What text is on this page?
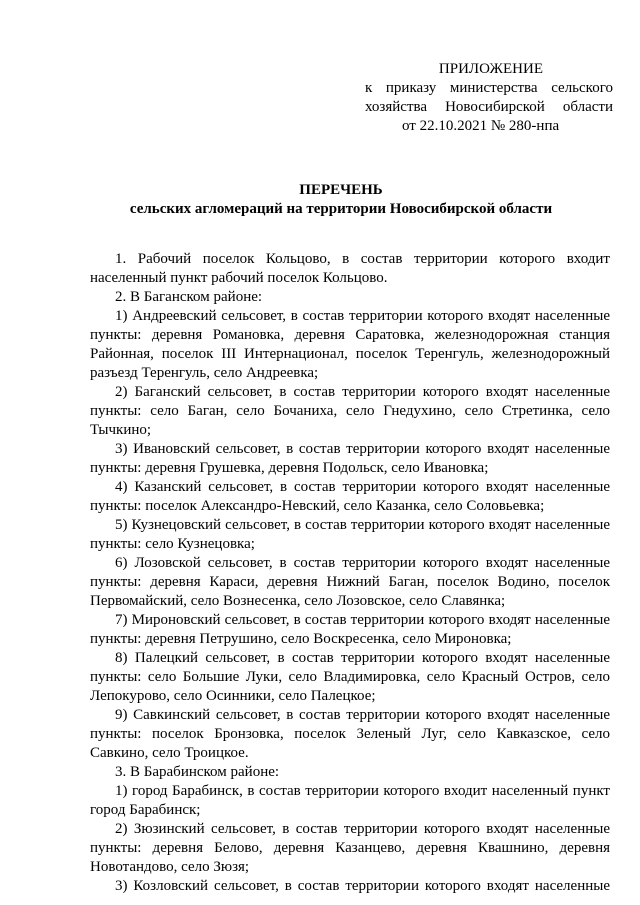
ПРИЛОЖЕНИЕ
к приказу министерства сельского
хозяйства Новосибирской области
от 22.10.2021 № 280-нпа
ПЕРЕЧЕНЬ
сельских агломераций на территории Новосибирской области

1. Рабочий поселок Кольцово, в состав территории которого входит населенный пункт рабочий поселок Кольцово.

2. В Баганском районе:

1) Андреевский сельсовет, в состав территории которого входят населенные пункты: деревня Романовка, деревня Саратовка, железнодорожная станция Районная, поселок III Интернационал, поселок Теренгуль, железнодорожный разъезд Теренгуль, село Андреевка;

2) Баганский сельсовет, в состав территории которого входят населенные пункты: село Баган, село Бочаниха, село Гнедухино, село Стретинка, село Тычкино;

3) Ивановский сельсовет, в состав территории которого входят населенные пункты: деревня Грушевка, деревня Подольск, село Ивановка;

4) Казанский сельсовет, в состав территории которого входят населенные пункты: поселок Александро-Невский, село Казанка, село Соловьевка;

5) Кузнецовский сельсовет, в состав территории которого входят населенные пункты: село Кузнецовка;

6) Лозовской сельсовет, в состав территории которого входят населенные пункты: деревня Караси, деревня Нижний Баган, поселок Водино, поселок Первомайский, село Вознесенка, село Лозовское, село Славянка;

7) Мироновский сельсовет, в состав территории которого входят населенные пункты: деревня Петрушино, село Воскресенка, село Мироновка;

8) Палецкий сельсовет, в состав территории которого входят населенные пункты: село Большие Луки, село Владимировка, село Красный Остров, село Лепокурово, село Осинники, село Палецкое;

9) Савкинский сельсовет, в состав территории которого входят населенные пункты: поселок Бронзовка, поселок Зеленый Луг, село Кавказское, село Савкино, село Троицкое.

3. В Барабинском районе:

1) город Барабинск, в состав территории которого входит населенный пункт город Барабинск;

2) Зюзинский сельсовет, в состав территории которого входят населенные пункты: деревня Белово, деревня Казанцево, деревня Квашнино, деревня Новотандово, село Зюзя;

3) Козловский сельсовет, в состав территории которого входят населенные
